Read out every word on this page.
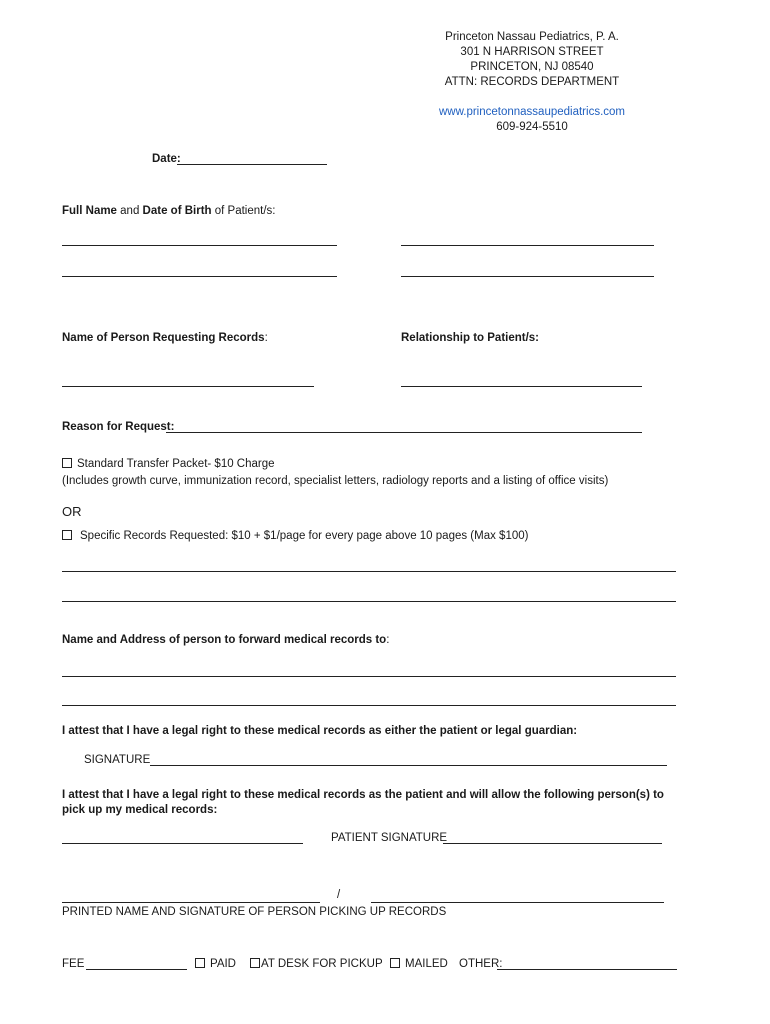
Princeton Nassau Pediatrics, P. A.
301 N HARRISON STREET
PRINCETON, NJ 08540
ATTN: RECORDS DEPARTMENT
www.princetonnassaupediatrics.com
609-924-5510
Date:
Full Name and Date of Birth of Patient/s:
Name of Person Requesting Records:	Relationship to Patient/s:
Reason for Request:
Standard Transfer Packet- $10 Charge
(Includes growth curve, immunization record, specialist letters, radiology reports and a listing of office visits)
OR
Specific Records Requested: $10 + $1/page for every page above 10 pages (Max $100)
Name and Address of person to forward medical records to:
I attest that I have a legal right to these medical records as either the patient or legal guardian:
SIGNATURE
I attest that I have a legal right to these medical records as the patient and will allow the following person(s) to pick up my medical records:
PATIENT SIGNATURE
/
PRINTED NAME AND SIGNATURE OF PERSON PICKING UP RECORDS
FEE	PAID	AT DESK FOR PICKUP	MAILED OTHER:
